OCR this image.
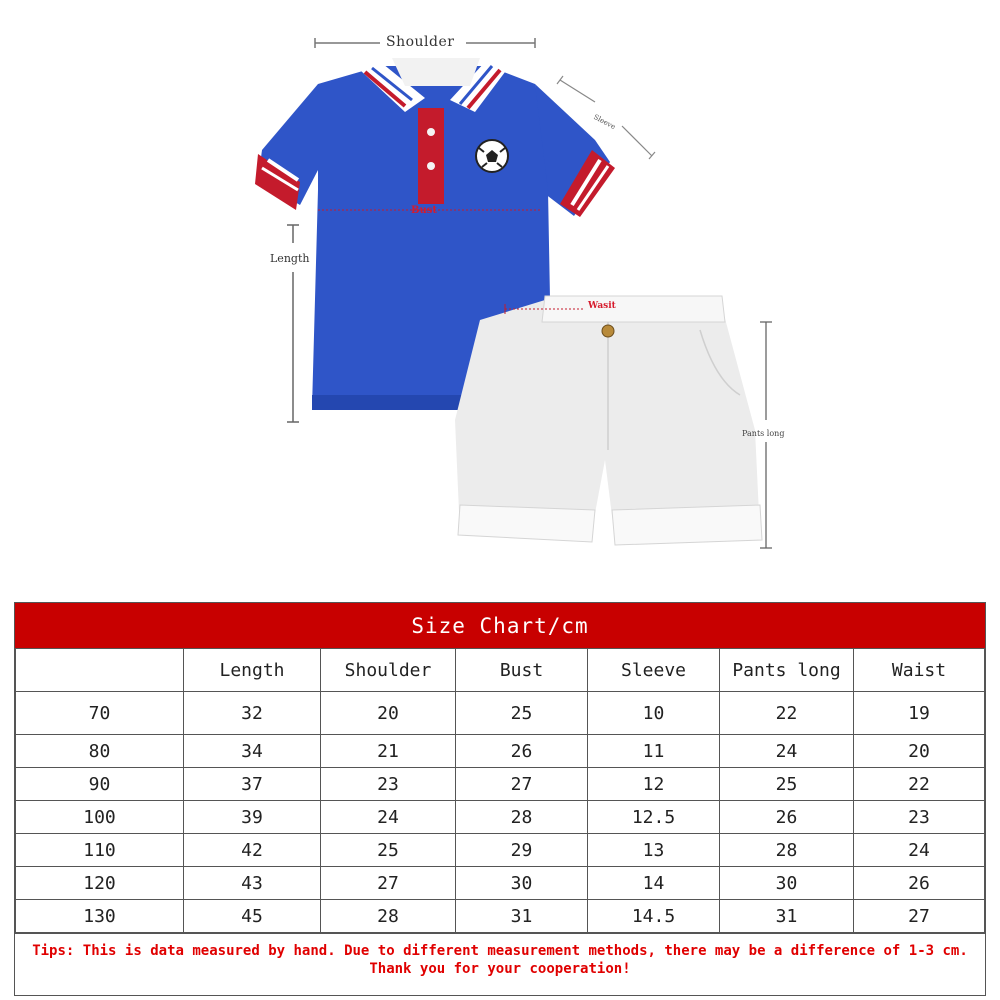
Shoulder
Sleeve
Length
Bust
Wasit
Pants long
Size Chart/cm
	Length	Shoulder	Bust	Sleeve	Pants long	Waist
70	32	20	25	10	22	19
80	34	21	26	11	24	20
90	37	23	27	12	25	22
100	39	24	28	12.5	26	23
110	42	25	29	13	28	24
120	43	27	30	14	30	26
130	45	28	31	14.5	31	27
Tips: This is data measured by hand. Due to different measurement methods, there may be a difference of 1-3 cm. Thank you for your cooperation!
